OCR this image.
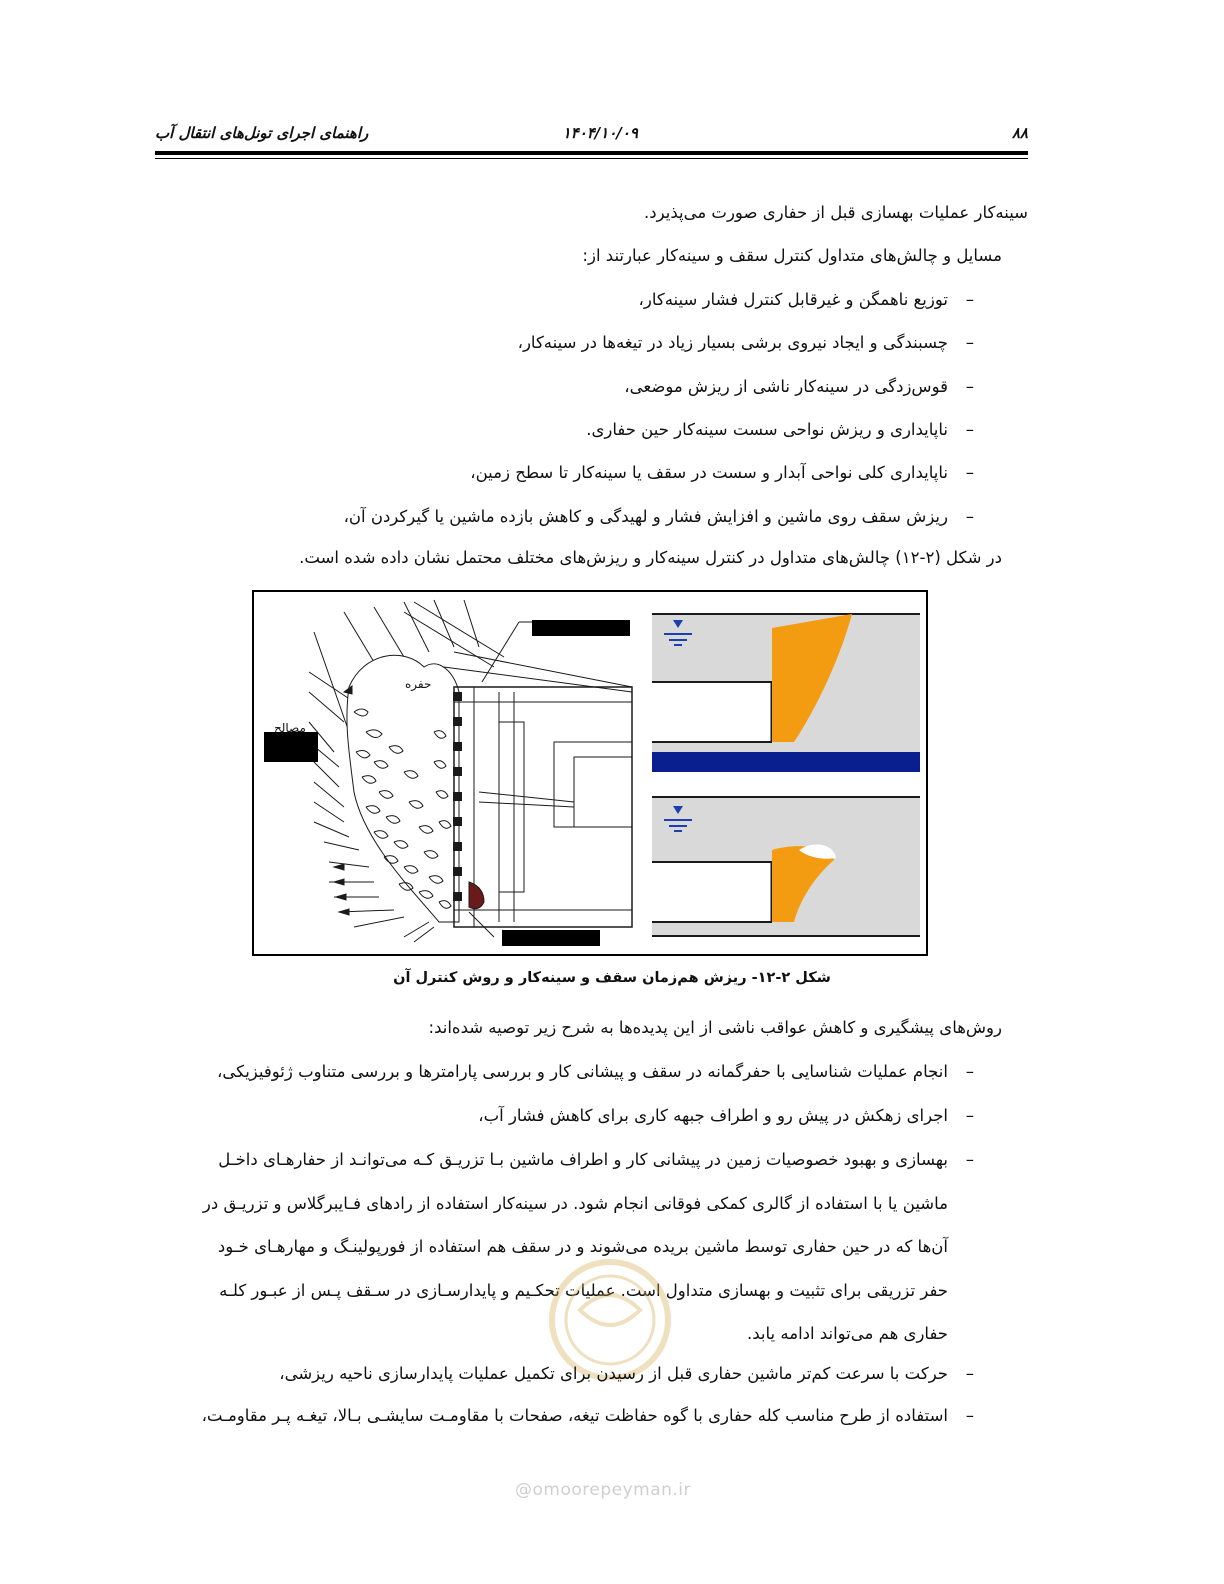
۸۸
۱۴۰۴/۱۰/۰۹
راهنمای اجرای تونل‌های انتقال آب
سینه‌کار عملیات بهسازی قبل از حفاری صورت می‌پذیرد.
مسایل و چالش‌های متداول کنترل سقف و سینه‌کار عبارتند از:
–
توزیع ناهمگن و غیرقابل کنترل فشار سینه‌کار،
–
چسبندگی و ایجاد نیروی برشی بسیار زیاد در تیغه‌ها در سینه‌کار،
–
قوس‌زدگی در سینه‌کار ناشی از ریزش موضعی،
–
ناپایداری و ریزش نواحی سست سینه‌کار حین حفاری.
–
ناپایداری کلی نواحی آبدار و سست در سقف یا سینه‌کار تا سطح زمین،
–
ریزش سقف روی ماشین و افزایش فشار و لهیدگی و کاهش بازده ماشین یا گیرکردن آن،
در شکل (۲-۱۲) چالش‌های متداول در کنترل سینه‌کار و ریزش‌های مختلف محتمل نشان داده شده است.
حفره
مصالح
شکل ۲-۱۲- ریزش هم‌زمان سقف و سینه‌کار و روش کنترل آن
روش‌های پیشگیری و کاهش عواقب ناشی از این پدیده‌ها به شرح زیر توصیه شده‌اند:
–
انجام عملیات شناسایی با حفرگمانه در سقف و پیشانی کار و بررسی پارامترها و بررسی متناوب ژئوفیزیکی،
–
اجرای زهکش در پیش رو و اطراف جبهه کاری برای کاهش فشار آب،
–
بهسازی و بهبود خصوصیات زمین در پیشانی کار و اطراف ماشین بـا تزریـق کـه می‌توانـد از حفارهـای داخـل
ماشین یا با استفاده از گالری کمکی فوقانی انجام شود. در سینه‌کار استفاده از رادهای فـایبرگلاس و تزریـق در
آن‌ها که در حین حفاری توسط ماشین بریده می‌شوند و در سقف هم استفاده از فورپولینـگ و مهارهـای خـود
حفر تزریقی برای تثبیت و بهسازی متداول است. عملیات تحکـیم و پایدارسـازی در سـقف پـس از عبـور کلـه
حفاری هم می‌تواند ادامه یابد.
–
حرکت با سرعت کم‌تر ماشین حفاری قبل از رسیدن برای تکمیل عملیات پایدارسازی ناحیه ریزشی،
–
استفاده از طرح مناسب کله حفاری با گوه حفاظت تیغه، صفحات با مقاومـت سایشـی بـالا، تیغـه پـر مقاومـت،
@omoorepeyman.ir
